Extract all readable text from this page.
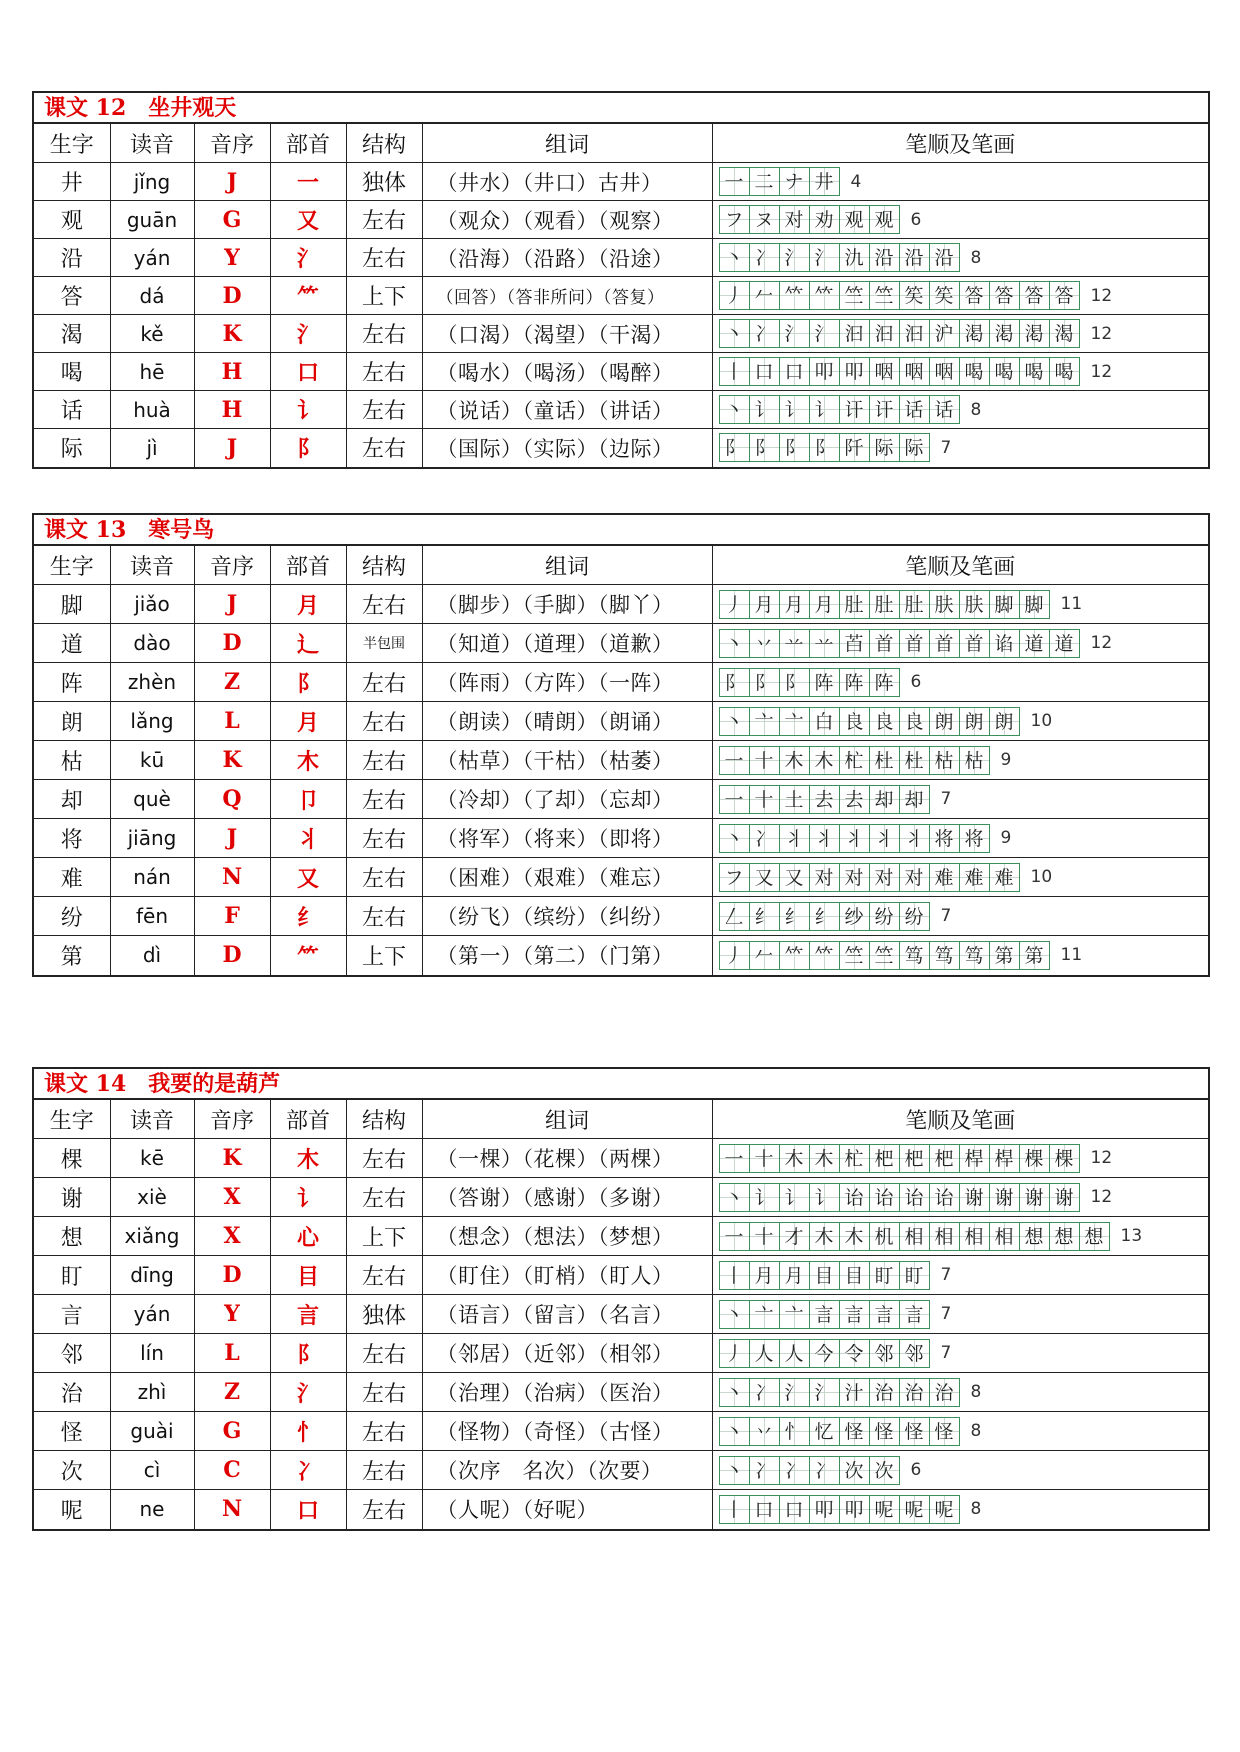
课文 12 坐井观天
生字	读音	音序	部首	结构	组词	笔顺及笔画
井	jǐng	J	一	独体	（井水）（井口）古井）	一 二 ナ 井 4
观	guān	G	又	左右	（观众）（观看）（观察）	フ ヌ 对 劝 观 观 6
沿	yán	Y	氵	左右	（沿海）（沿路）（沿途）	丶 冫 氵 氵 氿 沿 沿 沿 8
答	dá	D	⺮	上下	（回答）（答非所问）（答复）	丿 𠂉 𥫗 𥫗 竺 竺 笶 笶 答 答 答 答 12
渴	kě	K	氵	左右	（口渴）（渴望）（干渴）	丶 冫 氵 氵 汩 汩 汩 沪 渇 渇 渇 渴 12
喝	hē	H	口	左右	（喝水）（喝汤）（喝醉）	丨 口 口 叩 叩 咽 咽 咽 喝 喝 喝 喝 12
话	huà	H	讠	左右	（说话）（童话）（讲话）	丶 讠 讠 讠 讦 讦 话 话 8
际	jì	J	阝	左右	（国际）（实际）（边际）	阝 阝 阝 阝 阡 际 际 7
课文 13 寒号鸟
生字	读音	音序	部首	结构	组词	笔顺及笔画
脚	jiǎo	J	月	左右	（脚步）（手脚）（脚丫）	丿 月 月 月 肚 肚 肚 肤 肤 脚 脚 11
道	dào	D	辶	半包围	（知道）（道理）（道歉）	丶 丷 䒑 䒑 苩 首 首 首 首 谄 道 道 12
阵	zhèn	Z	阝	左右	（阵雨）（方阵）（一阵）	阝 阝 阝 阵 阵 阵 6
朗	lǎng	L	月	左右	（朗读）（晴朗）（朗诵）	丶 亠 亠 白 良 良 良 朗 朗 朗 10
枯	kū	K	木	左右	（枯草）（干枯）（枯萎）	一 十 木 木 杧 杜 杜 枯 枯 9
却	què	Q	卩	左右	（冷却）（了却）（忘却）	一 十 土 去 去 却 却 7
将	jiāng	J	丬	左右	（将军）（将来）（即将）	丶 冫 丬 丬 丬 丬 丬 将 将 9
难	nán	N	又	左右	（困难）（艰难）（难忘）	フ 又 又 对 对 对 对 难 难 难 10
纷	fēn	F	纟	左右	（纷飞）（缤纷）（纠纷）	𠃋 纟 纟 纟 纱 纷 纷 7
第	dì	D	⺮	上下	（第一）（第二）（门第）	丿 𠂉 𥫗 𥫗 竺 竺 笃 笃 笃 第 第 11
课文 14 我要的是葫芦
生字	读音	音序	部首	结构	组词	笔顺及笔画
棵	kē	K	木	左右	（一棵）（花棵）（两棵）	一 十 木 木 杧 杷 杷 杷 桿 桿 棵 棵 12
谢	xiè	X	讠	左右	（答谢）（感谢）（多谢）	丶 讠 讠 讠 诒 诒 诒 诒 谢 谢 谢 谢 12
想	xiǎng	X	心	上下	（想念）（想法）（梦想）	一 十 才 木 木 机 相 相 相 相 想 想 想 13
盯	dīng	D	目	左右	（盯住）（盯梢）（盯人）	丨 月 月 目 目 盯 盯 7
言	yán	Y	言	独体	（语言）（留言）（名言）	丶 亠 亠 言 言 言 言 7
邻	lín	L	阝	左右	（邻居）（近邻）（相邻）	丿 人 人 今 令 邻 邻 7
治	zhì	Z	氵	左右	（治理）（治病）（医治）	丶 冫 氵 氵 汁 治 治 治 8
怪	guài	G	忄	左右	（怪物）（奇怪）（古怪）	丶 丷 忄 忆 怪 怪 怪 怪 8
次	cì	C	冫	左右	（次序　名次）（次要）	丶 冫 冫 冫 次 次 6
呢	ne	N	口	左右	（人呢）（好呢）	丨 口 口 叩 叩 呢 呢 呢 8
